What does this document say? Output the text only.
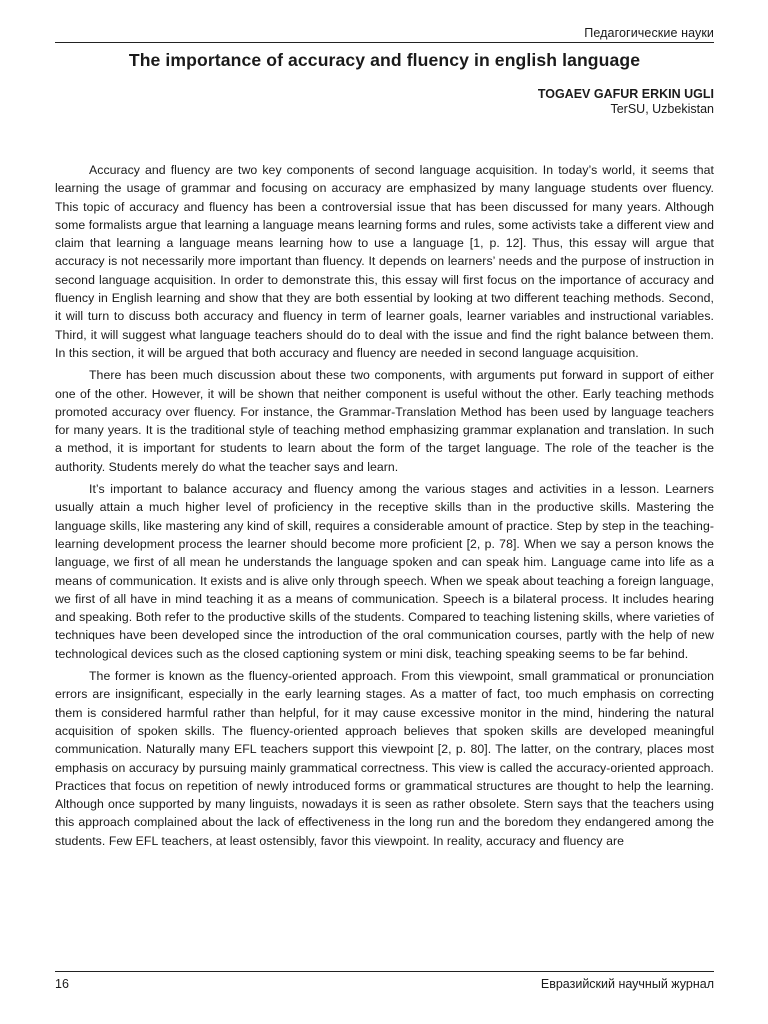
Педагогические науки
The importance of accuracy and fluency in english language
TOGAEV GAFUR ERKIN UGLI
TerSU, Uzbekistan

Accuracy and fluency are two key components of second language acquisition. In today’s world, it seems that learning the usage of grammar and focusing on accuracy are emphasized by many language students over fluency. This topic of accuracy and fluency has been a controversial issue that has been discussed for many years. Although some formalists argue that learning a language means learning forms and rules, some activists take a different view and claim that learning a language means learning how to use a language [1, p. 12]. Thus, this essay will argue that accuracy is not necessarily more important than fluency. It depends on learners’ needs and the purpose of instruction in second language acquisition. In order to demonstrate this, this essay will first focus on the importance of accuracy and fluency in English learning and show that they are both essential by looking at two different teaching methods. Second, it will turn to discuss both accuracy and fluency in term of learner goals, learner variables and instructional variables. Third, it will suggest what language teachers should do to deal with the issue and find the right balance between them. In this section, it will be argued that both accuracy and fluency are needed in second language acquisition.

There has been much discussion about these two components, with arguments put forward in support of either one of the other. However, it will be shown that neither component is useful without the other. Early teaching methods promoted accuracy over fluency. For instance, the Grammar-Translation Method has been used by language teachers for many years. It is the traditional style of teaching method emphasizing grammar explanation and translation. In such a method, it is important for students to learn about the form of the target language. The role of the teacher is the authority. Students merely do what the teacher says and learn.

It’s important to balance accuracy and fluency among the various stages and activities in a lesson. Learners usually attain a much higher level of proficiency in the receptive skills than in the productive skills. Mastering the language skills, like mastering any kind of skill, requires a considerable amount of practice. Step by step in the teaching-learning development process the learner should become more proficient [2, p. 78]. When we say a person knows the language, we first of all mean he understands the language spoken and can speak him. Language came into life as a means of communication. It exists and is alive only through speech. When we speak about teaching a foreign language, we first of all have in mind teaching it as a means of communication. Speech is a bilateral process. It includes hearing and speaking. Both refer to the productive skills of the students. Compared to teaching listening skills, where varieties of techniques have been developed since the introduction of the oral communication courses, partly with the help of new technological devices such as the closed captioning system or mini disk, teaching speaking seems to be far behind.

The former is known as the fluency-oriented approach. From this viewpoint, small grammatical or pronunciation errors are insignificant, especially in the early learning stages. As a matter of fact, too much emphasis on correcting them is considered harmful rather than helpful, for it may cause excessive monitor in the mind, hindering the natural acquisition of spoken skills. The fluency-oriented approach believes that spoken skills are developed meaningful communication. Naturally many EFL teachers support this viewpoint [2, p. 80]. The latter, on the contrary, places most emphasis on accuracy by pursuing mainly grammatical correctness. This view is called the accuracy-oriented approach. Practices that focus on repetition of newly introduced forms or grammatical structures are thought to help the learning. Although once supported by many linguists, nowadays it is seen as rather obsolete. Stern says that the teachers using this approach complained about the lack of effectiveness in the long run and the boredom they endangered among the students. Few EFL teachers, at least ostensibly, favor this viewpoint. In reality, accuracy and fluency are

16	Евразийский научный журнал
